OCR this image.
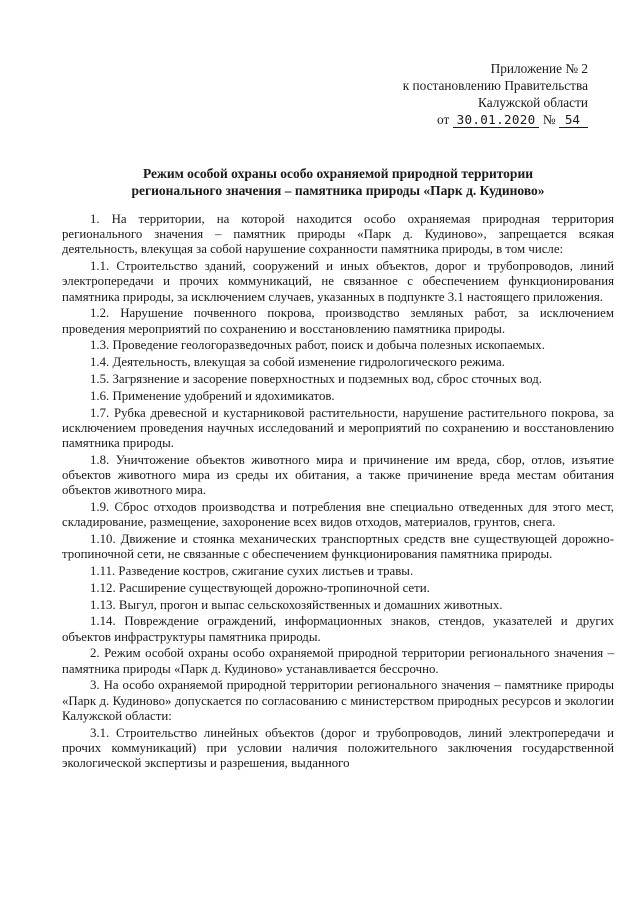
Приложение № 2
к постановлению Правительства
Калужской области
от 30.01.2020 № 54
Режим особой охраны особо охраняемой природной территории
регионального значения – памятника природы «Парк д. Кудиново»

1. На территории, на которой находится особо охраняемая природная территория регионального значения – памятник природы «Парк д. Кудиново», запрещается всякая деятельность, влекущая за собой нарушение сохранности памятника природы, в том числе:

1.1. Строительство зданий, сооружений и иных объектов, дорог и трубопроводов, линий электропередачи и прочих коммуникаций, не связанное с обеспечением функционирования памятника природы, за исключением случаев, указанных в подпункте 3.1 настоящего приложения.

1.2. Нарушение почвенного покрова, производство земляных работ, за исключением проведения мероприятий по сохранению и восстановлению памятника природы.

1.3. Проведение геологоразведочных работ, поиск и добыча полезных ископаемых.

1.4. Деятельность, влекущая за собой изменение гидрологического режима.

1.5. Загрязнение и засорение поверхностных и подземных вод, сброс сточных вод.

1.6. Применение удобрений и ядохимикатов.

1.7. Рубка древесной и кустарниковой растительности, нарушение растительного покрова, за исключением проведения научных исследований и мероприятий по сохранению и восстановлению памятника природы.

1.8. Уничтожение объектов животного мира и причинение им вреда, сбор, отлов, изъятие объектов животного мира из среды их обитания, а также причинение вреда местам обитания объектов животного мира.

1.9. Сброс отходов производства и потребления вне специально отведенных для этого мест, складирование, размещение, захоронение всех видов отходов, материалов, грунтов, снега.

1.10. Движение и стоянка механических транспортных средств вне существующей дорожно-тропиночной сети, не связанные с обеспечением функционирования памятника природы.

1.11. Разведение костров, сжигание сухих листьев и травы.

1.12. Расширение существующей дорожно-тропиночной сети.

1.13. Выгул, прогон и выпас сельскохозяйственных и домашних животных.

1.14. Повреждение ограждений, информационных знаков, стендов, указателей и других объектов инфраструктуры памятника природы.

2. Режим особой охраны особо охраняемой природной территории регионального значения – памятника природы «Парк д. Кудиново» устанавливается бессрочно.

3. На особо охраняемой природной территории регионального значения – памятнике природы «Парк д. Кудиново» допускается по согласованию с министерством природных ресурсов и экологии Калужской области:

3.1. Строительство линейных объектов (дорог и трубопроводов, линий электропередачи и прочих коммуникаций) при условии наличия положительного заключения государственной экологической экспертизы и разрешения, выданного
